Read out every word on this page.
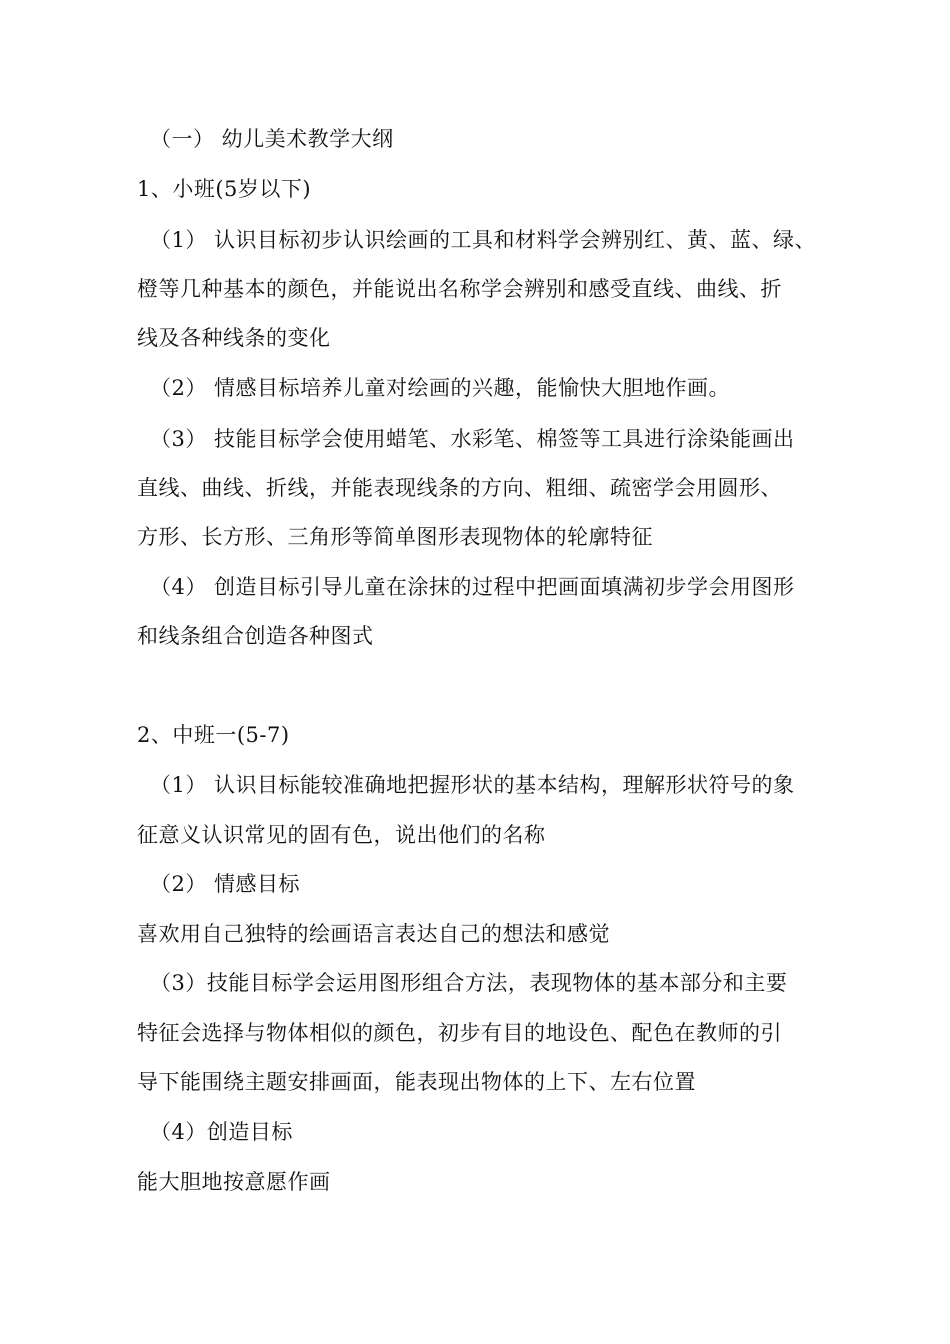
（一） 幼儿美术教学大纲
1、小班(5岁以下)
（1） 认识目标初步认识绘画的工具和材料学会辨别红、黄、蓝、绿、
橙等几种基本的颜色，并能说出名称学会辨别和感受直线、曲线、折
线及各种线条的变化
（2） 情感目标培养儿童对绘画的兴趣，能愉快大胆地作画。
（3） 技能目标学会使用蜡笔、水彩笔、棉签等工具进行涂染能画出
直线、曲线、折线，并能表现线条的方向、粗细、疏密学会用圆形、
方形、长方形、三角形等简单图形表现物体的轮廓特征
（4） 创造目标引导儿童在涂抹的过程中把画面填满初步学会用图形
和线条组合创造各种图式
2、中班一(5-7)
（1） 认识目标能较准确地把握形状的基本结构，理解形状符号的象
征意义认识常见的固有色，说出他们的名称
（2） 情感目标
喜欢用自己独特的绘画语言表达自己的想法和感觉
（3）技能目标学会运用图形组合方法，表现物体的基本部分和主要
特征会选择与物体相似的颜色，初步有目的地设色、配色在教师的引
导下能围绕主题安排画面，能表现出物体的上下、左右位置
（4）创造目标
能大胆地按意愿作画
